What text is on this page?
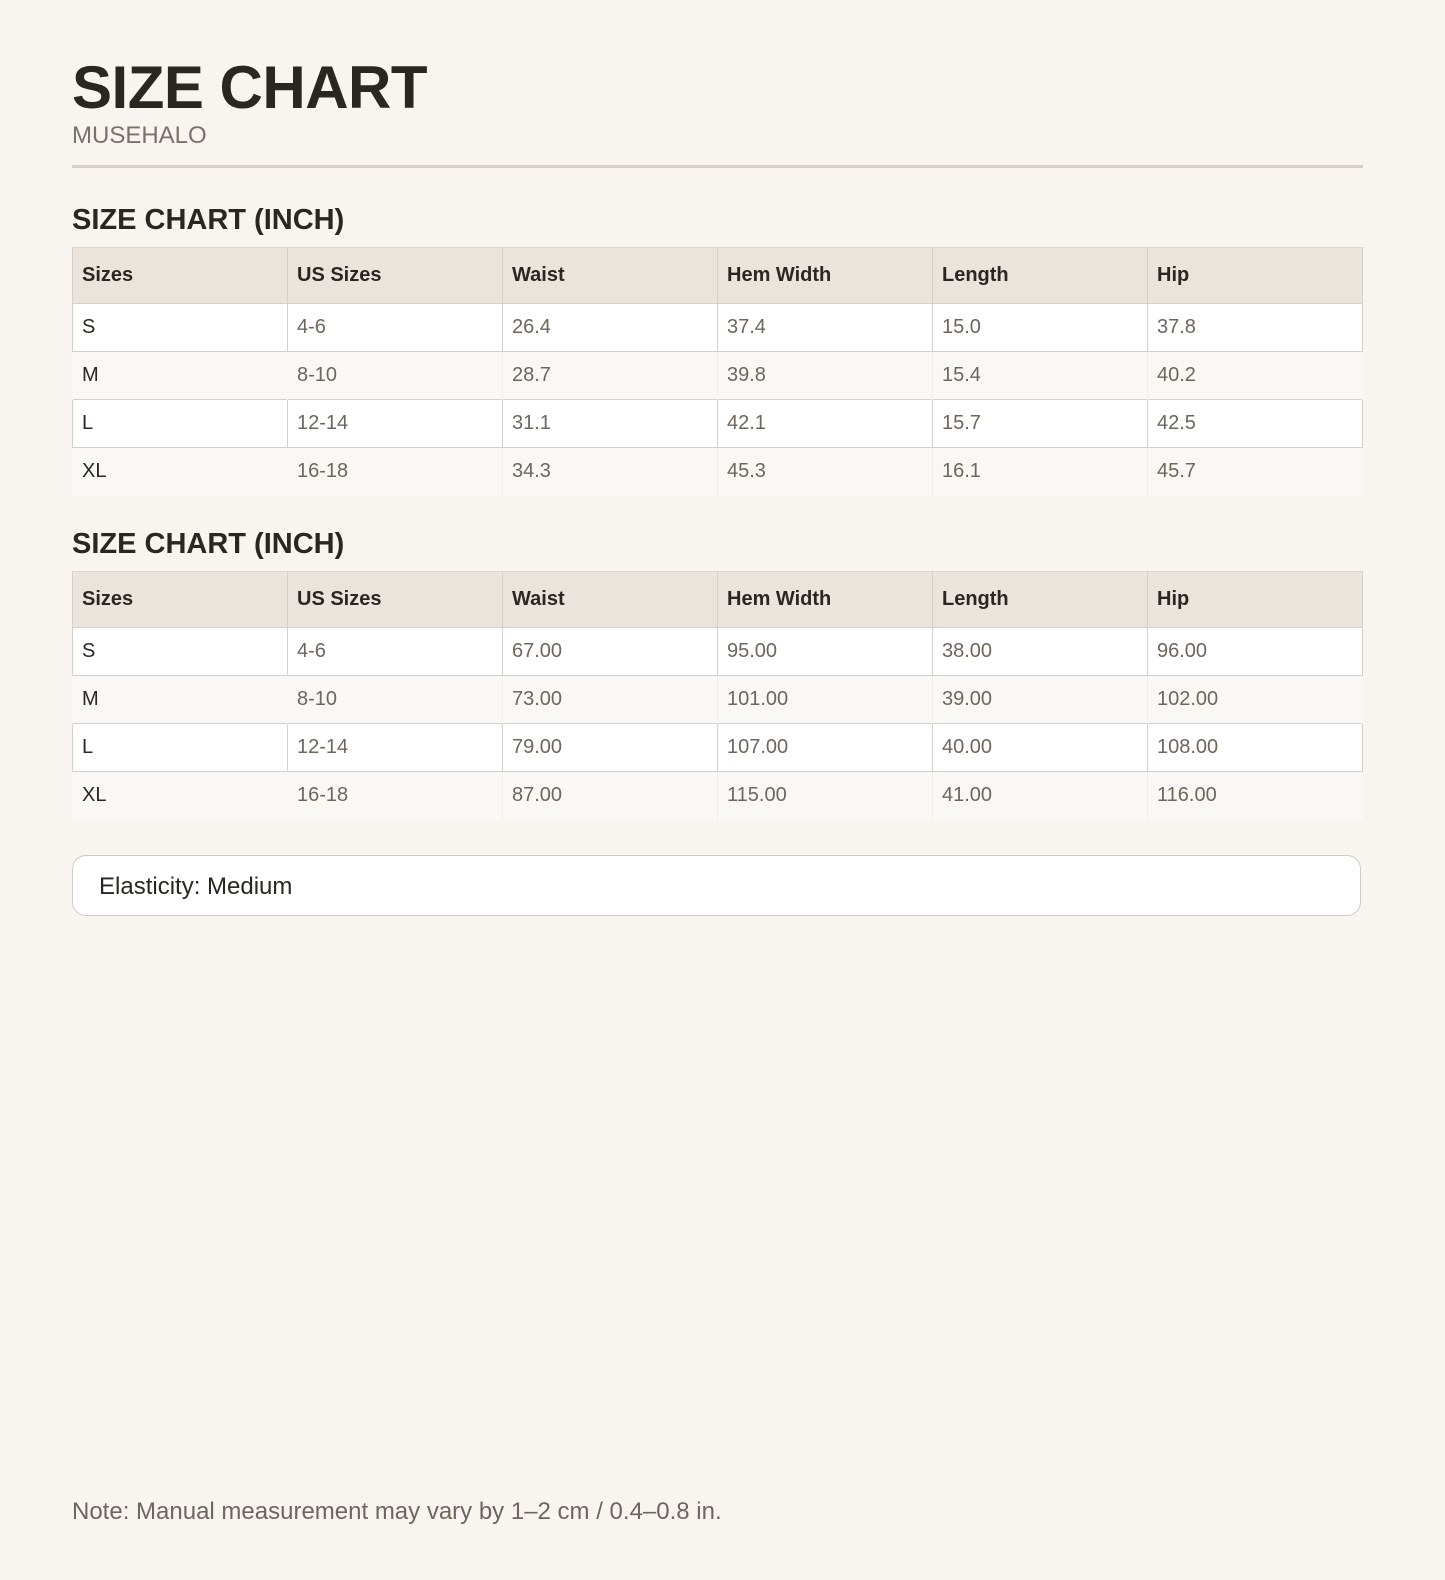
SIZE CHART
MUSEHALO
SIZE CHART (INCH)
Sizes	US Sizes	Waist	Hem Width	Length	Hip
S	4-6	26.4	37.4	15.0	37.8
M	8-10	28.7	39.8	15.4	40.2
L	12-14	31.1	42.1	15.7	42.5
XL	16-18	34.3	45.3	16.1	45.7
SIZE CHART (INCH)
Sizes	US Sizes	Waist	Hem Width	Length	Hip
S	4-6	67.00	95.00	38.00	96.00
M	8-10	73.00	101.00	39.00	102.00
L	12-14	79.00	107.00	40.00	108.00
XL	16-18	87.00	115.00	41.00	116.00
Elasticity: Medium
Note: Manual measurement may vary by 1–2 cm / 0.4–0.8 in.
